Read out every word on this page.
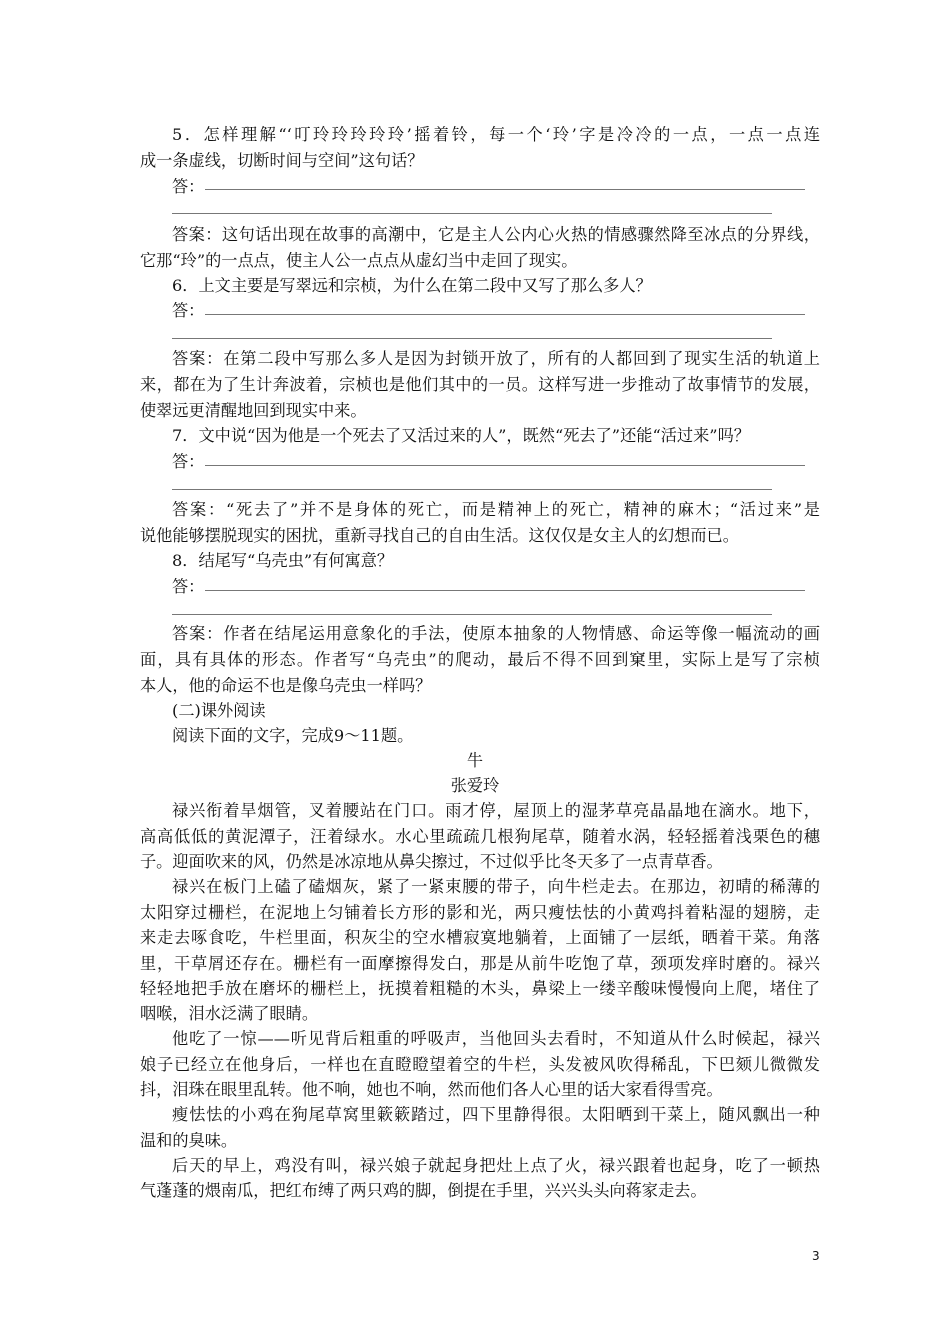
5．怎样理解“‘叮玲玲玲玲玲’摇着铃，每一个‘玲’字是冷冷的一点，一点一点连
成一条虚线，切断时间与空间”这句话？
答：
答案：这句话出现在故事的高潮中，它是主人公内心火热的情感骤然降至冰点的分界线，
它那“玲”的一点点，使主人公一点点从虚幻当中走回了现实。
6．上文主要是写翠远和宗桢，为什么在第二段中又写了那么多人？
答：
答案：在第二段中写那么多人是因为封锁开放了，所有的人都回到了现实生活的轨道上
来，都在为了生计奔波着，宗桢也是他们其中的一员。这样写进一步推动了故事情节的发展，
使翠远更清醒地回到现实中来。
7．文中说“因为他是一个死去了又活过来的人”，既然“死去了”还能“活过来”吗？
答：
答案：“死去了”并不是身体的死亡，而是精神上的死亡，精神的麻木；“活过来”是
说他能够摆脱现实的困扰，重新寻找自己的自由生活。这仅仅是女主人的幻想而已。
8．结尾写“乌壳虫”有何寓意？
答：
答案：作者在结尾运用意象化的手法，使原本抽象的人物情感、命运等像一幅流动的画
面，具有具体的形态。作者写“乌壳虫”的爬动，最后不得不回到窠里，实际上是写了宗桢
本人，他的命运不也是像乌壳虫一样吗？
(二)课外阅读
阅读下面的文字，完成9～11题。
牛
张爱玲
禄兴衔着旱烟管，叉着腰站在门口。雨才停，屋顶上的湿茅草亮晶晶地在滴水。地下，
高高低低的黄泥潭子，汪着绿水。水心里疏疏几根狗尾草，随着水涡，轻轻摇着浅栗色的穗
子。迎面吹来的风，仍然是冰凉地从鼻尖擦过，不过似乎比冬天多了一点青草香。
禄兴在板门上磕了磕烟灰，紧了一紧束腰的带子，向牛栏走去。在那边，初晴的稀薄的
太阳穿过栅栏，在泥地上匀铺着长方形的影和光，两只瘦怯怯的小黄鸡抖着粘湿的翅膀，走
来走去啄食吃，牛栏里面，积灰尘的空水槽寂寞地躺着，上面铺了一层纸，晒着干菜。角落
里，干草屑还存在。栅栏有一面摩擦得发白，那是从前牛吃饱了草，颈项发痒时磨的。禄兴
轻轻地把手放在磨坏的栅栏上，抚摸着粗糙的木头，鼻梁上一缕辛酸味慢慢向上爬，堵住了
咽喉，泪水泛满了眼睛。
他吃了一惊——听见背后粗重的呼吸声，当他回头去看时，不知道从什么时候起，禄兴
娘子已经立在他身后，一样也在直瞪瞪望着空的牛栏，头发被风吹得稀乱，下巴颏儿微微发
抖，泪珠在眼里乱转。他不响，她也不响，然而他们各人心里的话大家看得雪亮。
瘦怯怯的小鸡在狗尾草窝里簌簌踏过，四下里静得很。太阳晒到干菜上，随风飘出一种
温和的臭味。
后天的早上，鸡没有叫，禄兴娘子就起身把灶上点了火，禄兴跟着也起身，吃了一顿热
气蓬蓬的煨南瓜，把红布缚了两只鸡的脚，倒提在手里，兴兴头头向蒋家走去。
3
